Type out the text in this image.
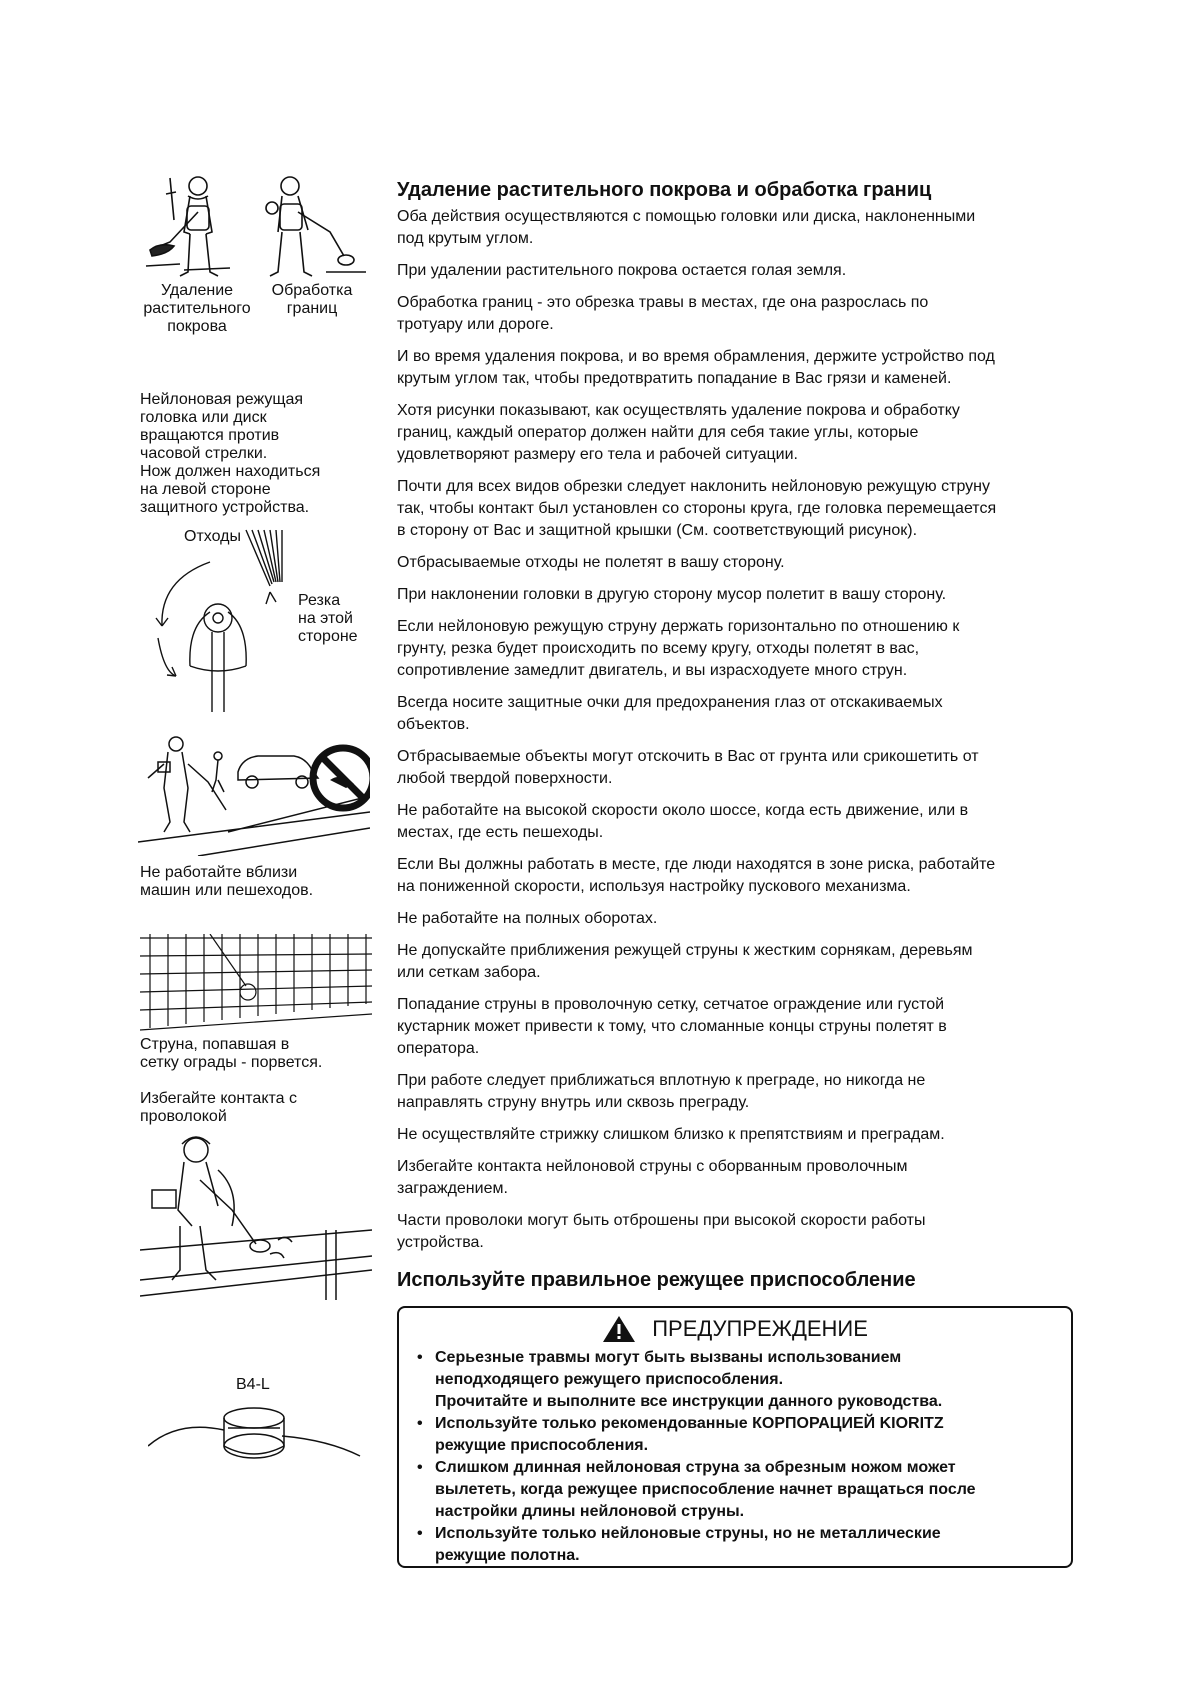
Удаление
растительного
покрова
Обработка
границ
Нейлоновая режущая
головка или диск
вращаются против
часовой стрелки.
Нож должен находиться
на левой стороне
защитного устройства.
Отходы
Резка
на этой
стороне
Не работайте вблизи
машин или пешеходов.
Струна, попавшая в
сетку ограды - порвется.
Избегайте контакта с
проволокой
B4-L
Удаление растительного покрова и обработка границ
Оба действия осуществляются с помощью головки или диска, наклоненными
под крутым углом.
При удалении растительного покрова остается голая земля.
Обработка границ - это обрезка травы в местах, где она разрослась по
тротуару или дороге.
И во время удаления покрова, и во время обрамления, держите устройство под
крутым углом так, чтобы предотвратить попадание в Вас грязи и каменей.
Хотя рисунки показывают, как осуществлять удаление покрова и обработку
границ, каждый оператор должен найти для себя такие углы, которые
удовлетворяют размеру его тела и рабочей ситуации.
Почти для всех видов обрезки следует наклонить нейлоновую режущую струну
так, чтобы контакт был установлен со стороны круга, где головка перемещается
в сторону от Вас и защитной крышки (См. соответствующий рисунок).
Отбрасываемые отходы не полетят в вашу сторону.
При наклонении головки в другую сторону мусор полетит в вашу сторону.
Если нейлоновую режущую струну держать горизонтально по отношению к
грунту, резка будет происходить по всему кругу, отходы полетят в вас,
сопротивление замедлит двигатель, и вы израсходуете много струн.
Всегда носите защитные очки для предохранения глаз от отскакиваемых
объектов.
Отбрасываемые объекты могут отскочить в Вас от грунта или срикошетить от
любой твердой поверхности.
Не работайте на высокой скорости около шоссе, когда есть движение, или в
местах, где есть пешеходы.
Если Вы должны работать в месте, где люди находятся в зоне риска, работайте
на пониженной скорости, используя настройку пускового механизма.
Не работайте на полных оборотах.
Не допускайте приближения режущей струны к жестким сорнякам, деревьям
или сеткам забора.
Попадание струны в проволочную сетку, сетчатое ограждение или густой
кустарник может привести к тому, что сломанные концы струны полетят в
оператора.
При работе следует приближаться вплотную к преграде, но никогда не
направлять струну внутрь или сквозь преграду.
Не осуществляйте стрижку слишком близко к препятствиям и преградам.
Избегайте контакта нейлоновой струны с оборванным проволочным
заграждением.
Части проволоки могут быть отброшены при высокой скорости работы
устройства.
Используйте правильное режущее приспособление
ПРЕДУПРЕЖДЕНИЕ
• Серьезные травмы могут быть вызваны использованием
неподходящего режущего приспособления.
Прочитайте и выполните все инструкции данного руководства.
• Используйте только рекомендованные КОРПОРАЦИЕЙ KIORITZ
режущие приспособления.
• Слишком длинная нейлоновая струна за обрезным ножом может
вылететь, когда режущее приспособление начнет вращаться после
настройки длины нейлоновой струны.
• Используйте только нейлоновые струны, но не металлические
режущие полотна.
